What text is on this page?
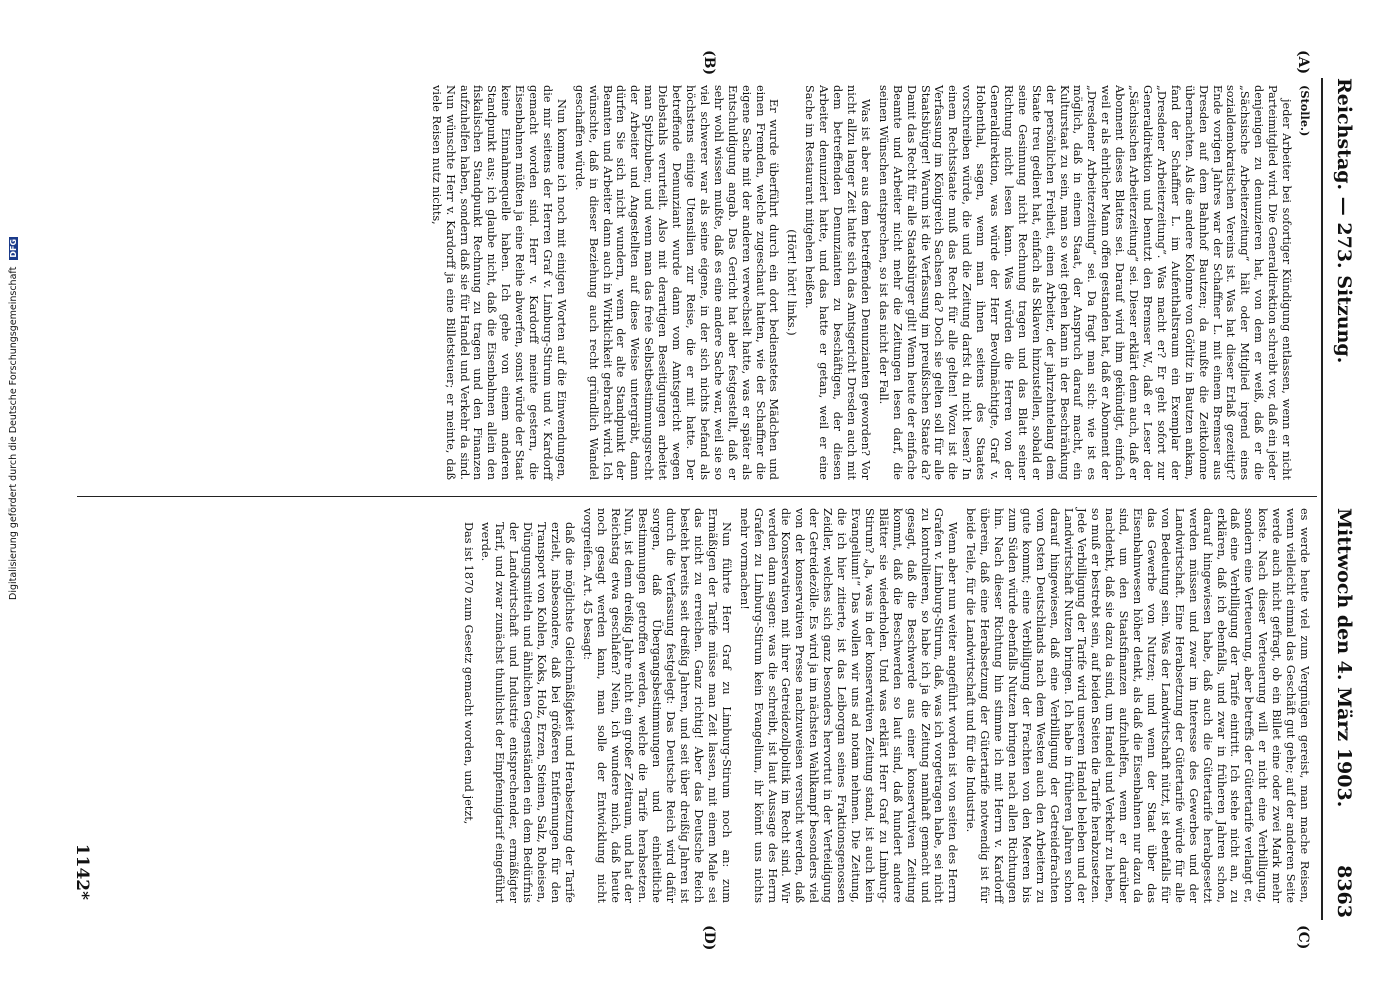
Reichstag. — 273. Sitzung.
Mittwoch den 4. März 1903.
8363
(A)
(B)
(C)
(D)

(Stolle.)

jeder Arbeiter bei sofortiger Kündigung entlassen, wenn er nicht Parteimitglied wird. Die Generaldirektion schreibt vor, daß ein jeder denjenigen zu denunzieren hat, von dem er weiß, daß er die „Sächsische Arbeiterzeitung“ hält oder Mitglied irgend eines sozialdemokratischen Vereins ist. Was hat dieser Erlaß gezeitigt? Ende vorigen Jahres war der Schaffner L. mit einem Bremser aus Dresden auf dem Bahnhof Bautzen; da mußte die Zeitkolonne übernachten. Als die andere Kolonne von Görlitz in Bautzen ankam, fand der Schaffner L. im Aufenthaltsraum ein Exemplar der „Dresdener Arbeiterzeitung“. Was macht er? Er geht sofort zur Generaldirektion und benutzt den Bremser W., daß er Leser der „Sächsischen Arbeiterzeitung“ sei. Dieser erklärt denn auch, daß er Abonnent dieses Blattes sei. Darauf wird ihm gekündigt, einfach weil er als ehrlicher Mann offen gestanden hat, daß er Abonnent der „Dresdener Arbeiterzeitung“ sei. Da fragt man sich: wie ist es möglich, daß in einem Staat, der Anspruch darauf macht, ein Kulturstaat zu sein, man so weit gehen kann in der Beschränkung der persönlichen Freiheit, einen Arbeiter, der jahrzehntelang dem Staate treu gedient hat, einfach als Sklaven hinzustellen, sobald er seine Gesinnung nicht Rechnung tragen und das Blatt seiner Richtung nicht lesen kann. Was würden die Herren von der Generaldirektion, was würde der Herr Bevollmächtigte, Graf v. Hohenthal, sagen, wenn man ihnen seitens des Staates vorschreiben würde, die und die Zeitung darfst du nicht lesen? In einem Rechtsstaate muß das Recht für alle gelten! Wozu ist die Verfassung im Königreich Sachsen da? Doch sie gelten soll für alle Staatsbürger! Warum ist die Verfassung im preußischen Staate da? Damit das Recht für alle Staatsbürger gilt! Wenn heute der einfache Beamte und Arbeiter nicht mehr die Zeitungen lesen darf, die seinen Wünschen entsprechen, so ist das nicht der Fall.

Was ist aber aus dem betreffenden Denunzianten geworden? Vor nicht allzu langer Zeit hatte sich das Amtsgericht Dresden auch mit dem betreffenden Denunzianten zu beschäftigen, der diesen Arbeiter denunziert hatte, und das hatte er getan, weil er eine Sache im Restaurant mitgehen heißen.

(Hört! hört! links.)

Er wurde überführt durch ein dort bedienstetes Mädchen und einen Fremden, welche zugeschaut hatten, wie der Schaffner die eigene Sache mit der anderen verwechselt hatte, was er später als Entschuldigung angab. Das Gericht hat aber festgestellt, daß er sehr wohl wissen mußte, daß es eine andere Sache war, weil sie so viel schwerer war als seine eigene, in der sich nichts befand als höchstens einige Utensilien zur Reise, die er mit hatte. Der betreffende Denunziant wurde dann vom Amtsgericht wegen Diebstahls verurteilt. Also mit derartigen Beseitigungen arbeitet man Spitzbuben; und wenn man das freie Selbstbestimmungsrecht der Arbeiter und Angestellten auf diese Weise untergräbt, dann dürfen Sie sich nicht wundern, wenn der alte Standpunkt der Beamten und Arbeiter dann auch in Wirklichkeit gebracht wird. Ich wünschte, daß in dieser Beziehung auch recht gründlich Wandel geschaffen würde.

Nun komme ich noch mit einigen Worten auf die Einwendungen, die mir seitens der Herren Graf v. Limburg-Stirum und v. Kardorff gemacht worden sind. Herr v. Kardorff meinte gestern, die Eisenbahnen müßten ja eine Reihe abwerfen, sonst würde der Staat keine Einnahmequelle haben. Ich gehe von einem anderen Standpunkt aus; ich glaube nicht, daß die Eisenbahnen allein den fiskalischen Standpunkt Rechnung zu tragen und den Finanzen aufzuhelfen haben, sondern daß sie für Handel und Verkehr da sind. Nun wünschte Herr v. Kardorff ja eine Billetsteuer; er meinte, daß viele Reisen nutz nichts,

es werde heute viel zum Vergnügen gereist, man mache Reisen, wenn vielleicht einmal das Geschäft gut gehe; auf der anderen Seite werde auch nicht gefragt, ob ein Billet eine oder zwei Mark mehr koste. Nach dieser Verteuerung will er nicht eine Verbilligung, sondern eine Verteuerung, aber betreffs der Gütertarife verlangt er, daß eine Verbilligung der Tarife eintritt. Ich stehe nicht an, zu erklären, daß ich ebenfalls, und zwar in früheren Jahren schon, darauf hingewiesen habe, daß auch die Gütertarife herabgesetzt werden müssen und zwar im Interesse des Gewerbes und der Landwirtschaft. Eine Herabsetzung der Gütertarife würde für alle von Bedeutung sein. Was der Landwirtschaft nützt, ist ebenfalls für das Gewerbe von Nutzen; und wenn der Staat über das Eisenbahnwesen höher denkt, als daß die Eisenbahnen nur dazu da sind, um den Staatsfinanzen aufzuhelfen, wenn er darüber nachdenkt, daß sie dazu da sind, um Handel und Verkehr zu heben, so muß er bestrebt sein, auf beiden Seiten die Tarife herabzusetzen. Jede Verbilligung der Tarife wird unserem Handel beleben und der Landwirtschaft Nutzen bringen. Ich habe in früheren Jahren schon darauf hingewiesen, daß eine Verbilligung der Getreidefrachten vom Osten Deutschlands nach dem Westen auch den Arbeitern zu gute kommt; eine Verbilligung der Frachten von den Meeren bis zum Süden würde ebenfalls Nutzen bringen nach allen Richtungen hin. Nach dieser Richtung hin stimme ich mit Herrn v. Kardorff überein, daß eine Herabsetzung der Gütertarife notwendig ist für beide Teile, für die Landwirtschaft und für die Industrie.

Wenn aber nun weiter angeführt worden ist von seiten des Herrn Grafen v. Limburg-Stirum, daß, was ich vorgetragen habe, sei nicht zu kontrollieren, so habe ich ja die Zeitung namhaft gemacht und gesagt, daß die Beschwerde aus einer konservativen Zeitung kommt, daß die Beschwerden so laut sind, daß hundert andere Blätter sie wiederholen. Und was erklärt Herr Graf zu Limburg-Stirum? „Ja, was in der konservativen Zeitung stand, ist auch kein Evangelium!“ Das wollen wir uns ad notam nehmen. Die Zeitung, die ich hier zitierte, ist das Leiborgan seines Fraktionsgenossen Zeidler, welches sich ganz besonders hervortut in der Verteidigung der Getreidezölle. Es wird ja im nächsten Wahlkampf besonders viel von der konservativen Presse nachzuweisen versucht werden, daß die Konservativen mit ihrer Getreidezollpolitik im Recht sind. Wir werden dann sagen: was die schreibt, ist laut Aussage des Herrn Grafen zu Limburg-Stirum kein Evangelium, ihr könnt uns nichts mehr vormachen!

Nun führte Herr Graf zu Limburg-Stirum noch an: zum Ermäßigen der Tarife müsse man Zeit lassen, mit einem Male sei das nicht zu erreichen. Ganz richtig! Aber das Deutsche Reich besteht bereits seit dreißig Jahren, und seit über dreißig Jahren ist durch die Verfassung festgelegt: Das Deutsche Reich wird dafür sorgen, daß Übergangsbestimmungen und einheitliche Bestimmungen getroffen werden, welche die Tarife herabsetzen. Nun, ist denn dreißig Jahre nicht ein großer Zeitraum, und hat der Reichstag etwa geschlafen? Nein, ich wundere mich, daß heute noch gesagt werden kann, man solle der Entwicklung nicht vorgreifen. Art. 45 besagt:

daß die möglichste Gleichmäßigkeit und Herabsetzung der Tarife erzielt, insbesondere, daß bei größeren Entfernungen für den Transport von Kohlen, Koks, Holz, Erzen, Steinen, Salz, Roheisen, Düngungsmitteln und ähnlichen Gegenständen ein dem Bedürfnis der Landwirtschaft und Industrie entsprechender, ermäßigter Tarif, und zwar zunächst thunlichst der Einpfennigtarif eingeführt werde.

Das ist 1870 zum Gesetz gemacht worden, und jetzt,

1142*
Digitalisierung gefördert durch die Deutsche Forschungsgemeinschaft DFG
